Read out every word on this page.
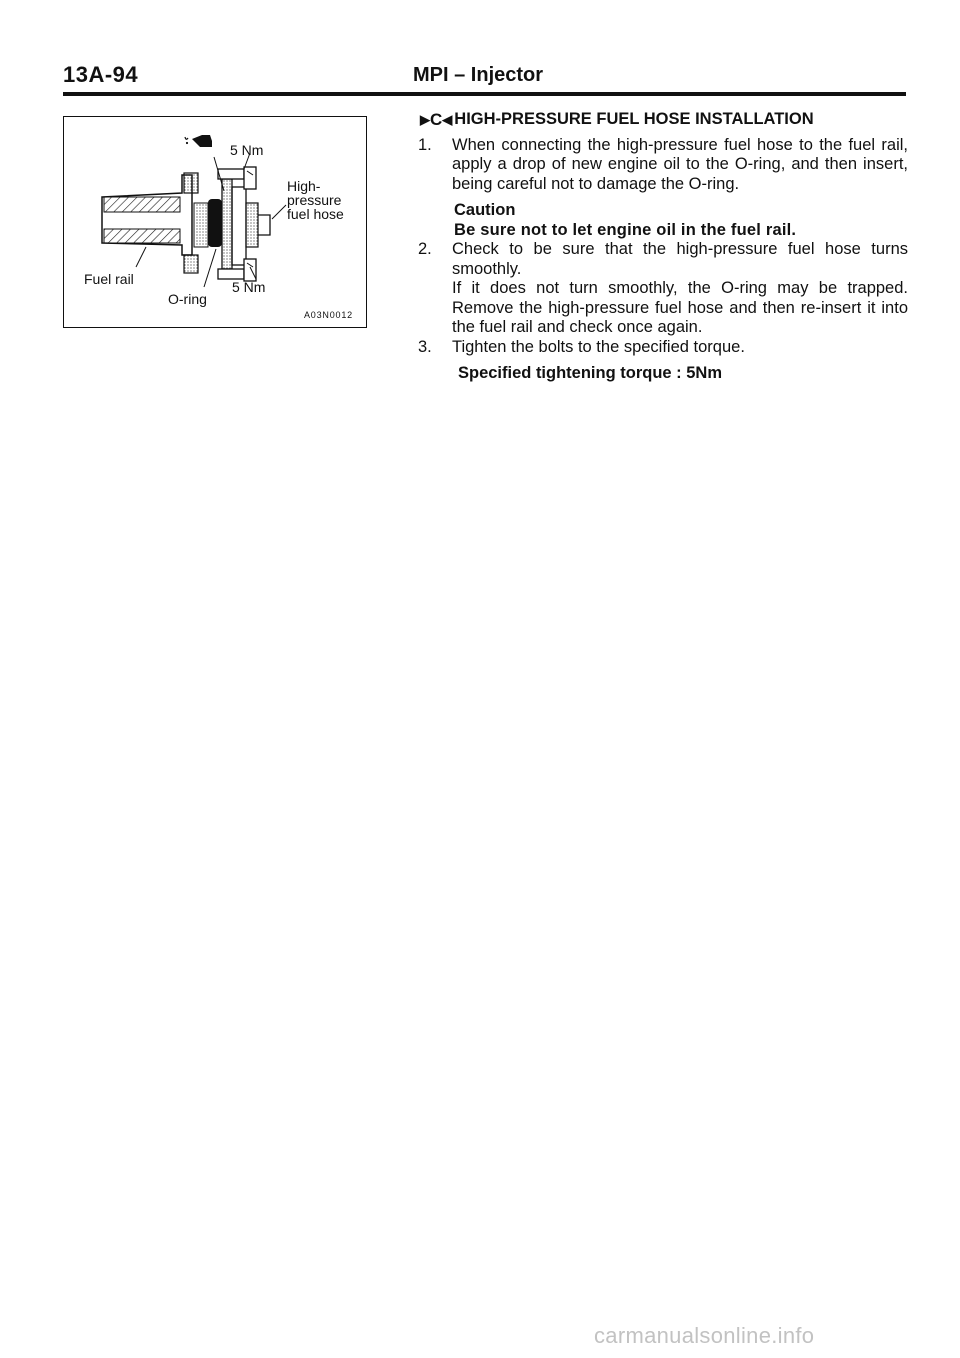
13A-94	MPI – Injector
5 Nm
High-
pressure
fuel hose
Fuel rail
O-ring
5 Nm
A03N0012
▶ C ◀ HIGH-PRESSURE FUEL HOSE INSTALLATION
1.	When connecting the high-pressure fuel hose to the fuel rail, apply a drop of new engine oil to the O-ring, and then insert, being careful not to damage the O-ring.

Caution
Be sure not to let engine oil in the fuel rail.
2.	Check to be sure that the high-pressure fuel hose turns smoothly.

If it does not turn smoothly, the O-ring may be trapped. Remove the high-pressure fuel hose and then re-insert it into the fuel rail and check once again.

3.	Tighten the bolts to the specified torque.

Specified tightening torque : 5Nm
carmanualsonline.info
